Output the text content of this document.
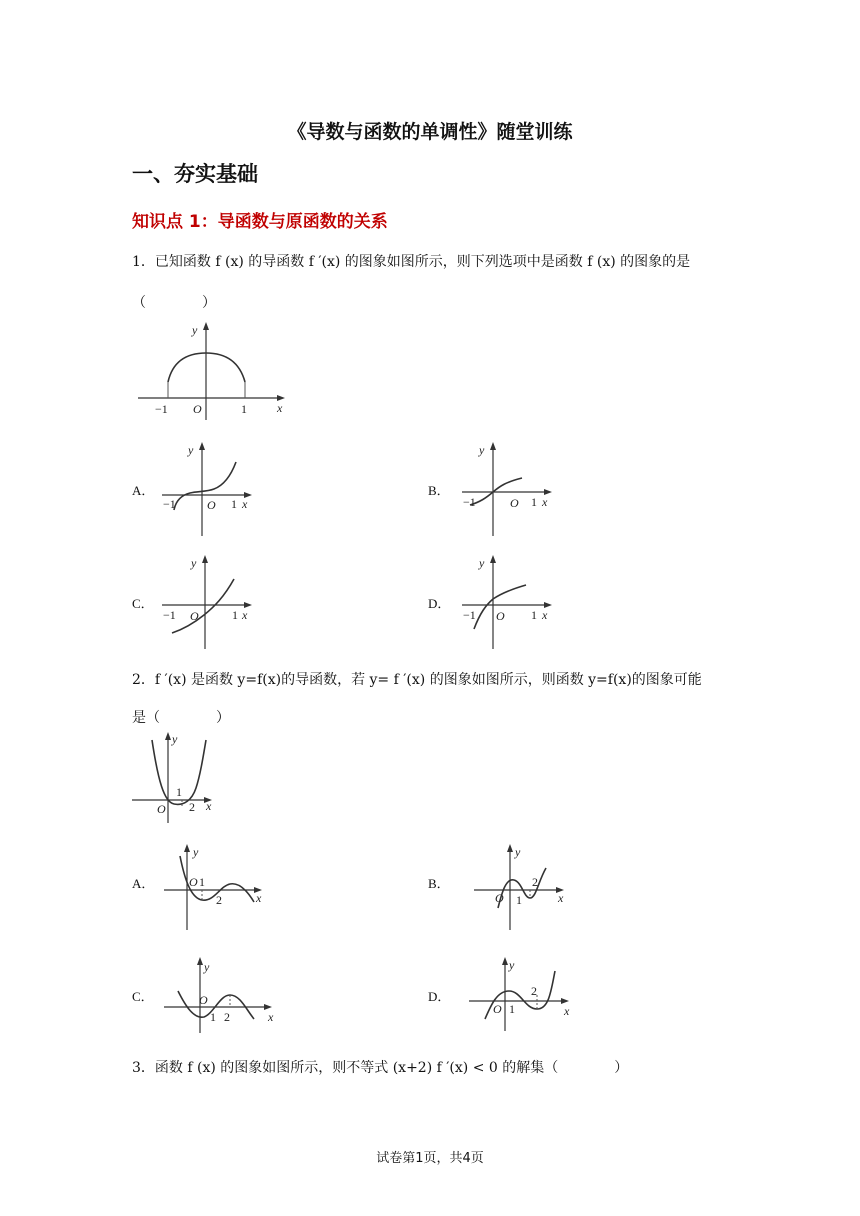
《导数与函数的单调性》随堂训练
一、夯实基础
知识点 1：导函数与原函数的关系
1．已知函数 f (x) 的导函数 f ′(x) 的图象如图所示，则下列选项中是函数 f (x) 的图象的是
（　　　　）
y
x
O
−1	1
A．
y
x
O
−1	1
B．
y
x
O
−1	1
C．
y
x
O
−1	1
D．
y
x
O
−1	1
2．f ′(x) 是函数 y=f(x)的导函数，若 y= f ′(x) 的图象如图所示，则函数 y=f(x)的图象可能
是（　　　　）
y
x
O
1
2
A．
y
x
O 1
2
B．
y
x
O 1
2
C．
y
x
O
1 2
D．
y
x
O 1
2
3．函数 f (x) 的图象如图所示，则不等式 (x+2) f ′(x) < 0 的解集（　　　　）
试卷第1页，共4页
